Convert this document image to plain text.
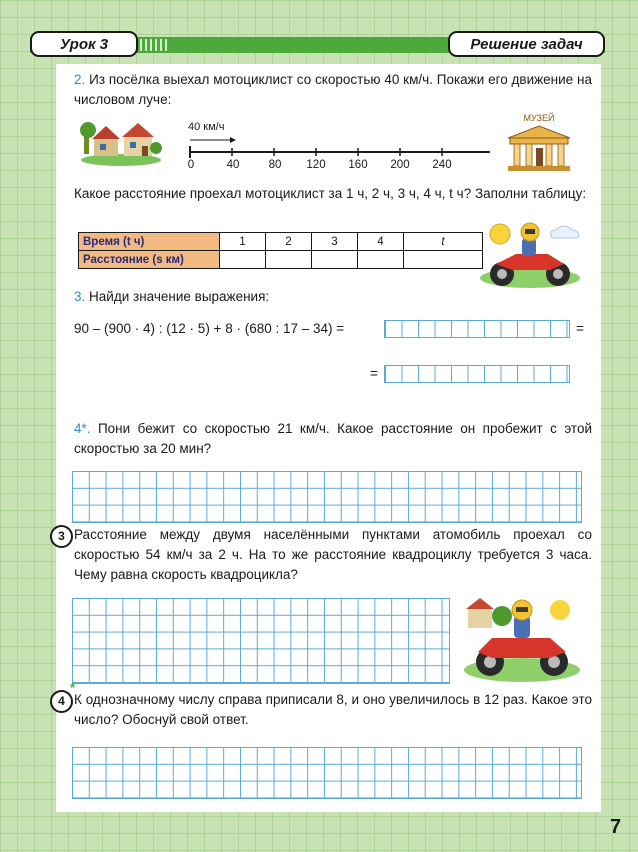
Урок 3	Решение задач
2. Из посёлка выехал мотоциклист со скоростью 40 км/ч. Покажи его движение на числовом луче:
40 км/ч
0	40	80	120	160	200	240
МУЗЕЙ
Какое расстояние проехал мотоциклист за 1 ч, 2 ч, 3 ч, 4 ч, t ч? Заполни таблицу:
Время (t ч)	1	2	3	4	t
Расстояние (s км)					
3. Найди значение выражения:
90 – (900 · 4) : (12 · 5) + 8 · (680 : 17 – 34) =	=
=
4*. Пони бежит со скоростью 21 км/ч. Какое расстояние он пробежит с этой скоростью за 20 мин?
3 Расстояние между двумя населёнными пунктами атомобиль проехал со скоростью 54 км/ч за 2 ч. На то же расстояние квадроциклу требуется 3 часа. Чему равна скорость квадроцикла?
4
*
К однозначному числу справа приписали 8, и оно увеличилось в 12 раз. Какое это число? Обоснуй свой ответ.
7
